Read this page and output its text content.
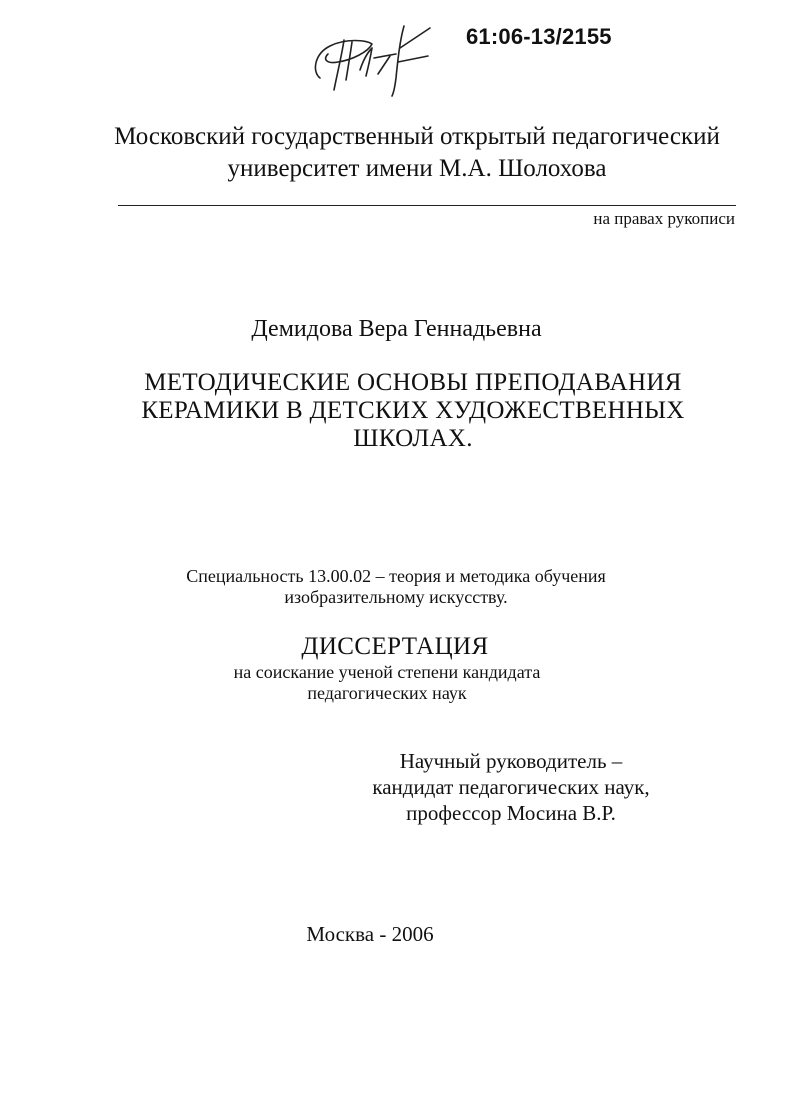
61:06-13/2155
Московский государственный открытый педагогический
университет имени М.А. Шолохова
на правах рукописи
Демидова Вера Геннадьевна
МЕТОДИЧЕСКИЕ ОСНОВЫ ПРЕПОДАВАНИЯ
КЕРАМИКИ В ДЕТСКИХ ХУДОЖЕСТВЕННЫХ
ШКОЛАХ.
Специальность 13.00.02 – теория и методика обучения
изобразительному искусству.
ДИССЕРТАЦИЯ
на соискание ученой степени кандидата
педагогических наук
Научный руководитель –
кандидат педагогических наук,
профессор Мосина В.Р.
Москва - 2006
